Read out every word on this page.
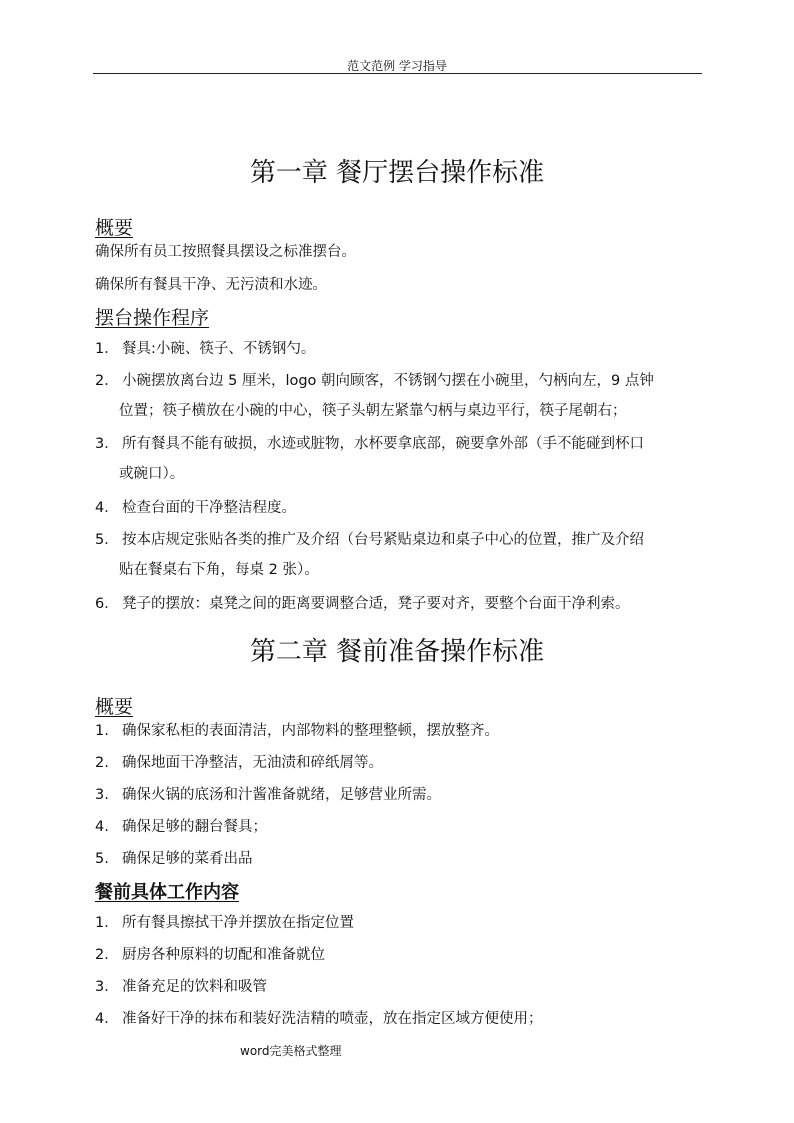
范文范例 学习指导
第一章 餐厅摆台操作标准
概要
确保所有员工按照餐具摆设之标准摆台。
确保所有餐具干净、无污渍和水迹。
摆台操作程序
1． 餐具:小碗、筷子、不锈钢勺。
2． 小碗摆放离台边 5 厘米，logo 朝向顾客，不锈钢勺摆在小碗里，勺柄向左，9 点钟
位置；筷子横放在小碗的中心，筷子头朝左紧靠勺柄与桌边平行，筷子尾朝右；
3． 所有餐具不能有破损，水迹或脏物，水杯要拿底部，碗要拿外部（手不能碰到杯口
或碗口）。
4． 检查台面的干净整洁程度。
5． 按本店规定张贴各类的推广及介绍（台号紧贴桌边和桌子中心的位置，推广及介绍
贴在餐桌右下角，每桌 2 张）。
6． 凳子的摆放：桌凳之间的距离要调整合适，凳子要对齐，要整个台面干净利索。
第二章 餐前准备操作标准
概要
1. 确保家私柜的表面清洁，内部物料的整理整顿，摆放整齐。
2. 确保地面干净整洁，无油渍和碎纸屑等。
3. 确保火锅的底汤和汁酱准备就绪，足够营业所需。
4. 确保足够的翻台餐具；
5. 确保足够的菜肴出品
餐前具体工作内容
1． 所有餐具擦拭干净并摆放在指定位置
2． 厨房各种原料的切配和准备就位
3． 准备充足的饮料和吸管
4． 准备好干净的抹布和装好洗洁精的喷壶，放在指定区域方便使用；
word完美格式整理
